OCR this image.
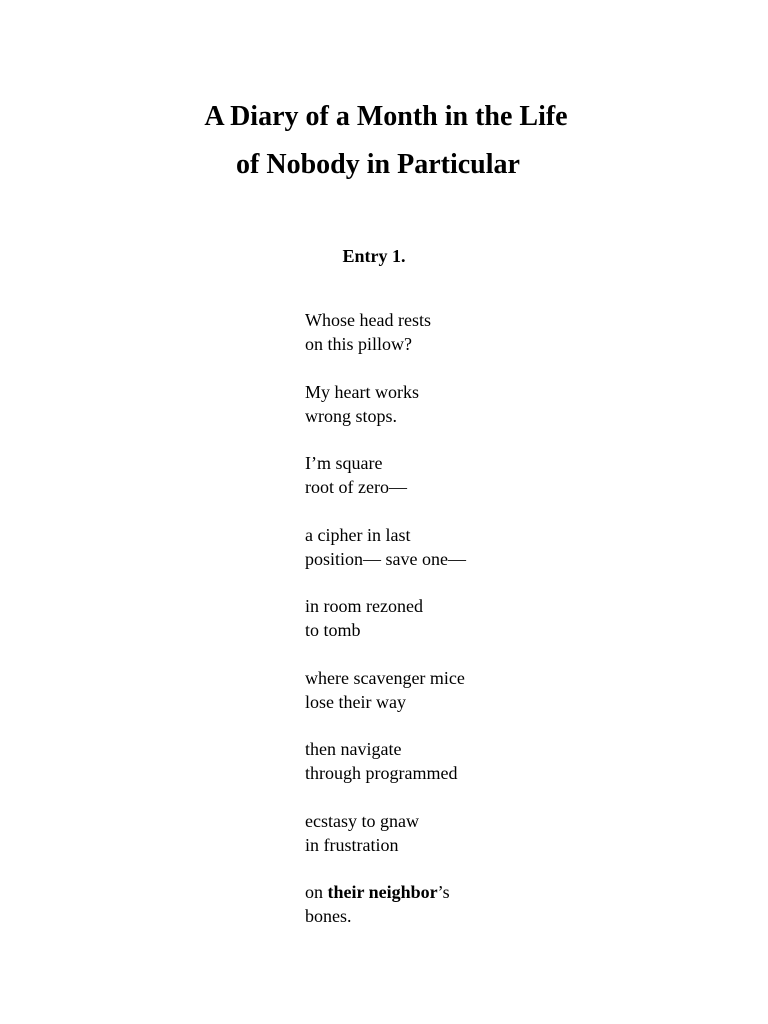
A Diary of a Month in the Life
of Nobody in Particular
Entry 1.
Whose head rests
on this pillow?
My heart works
wrong stops.
I’m square
root of zero—
a cipher in last
position— save one—
in room rezoned
to tomb
where scavenger mice
lose their way
then navigate
through programmed
ecstasy to gnaw
in frustration
on their neighbor’s
bones.
